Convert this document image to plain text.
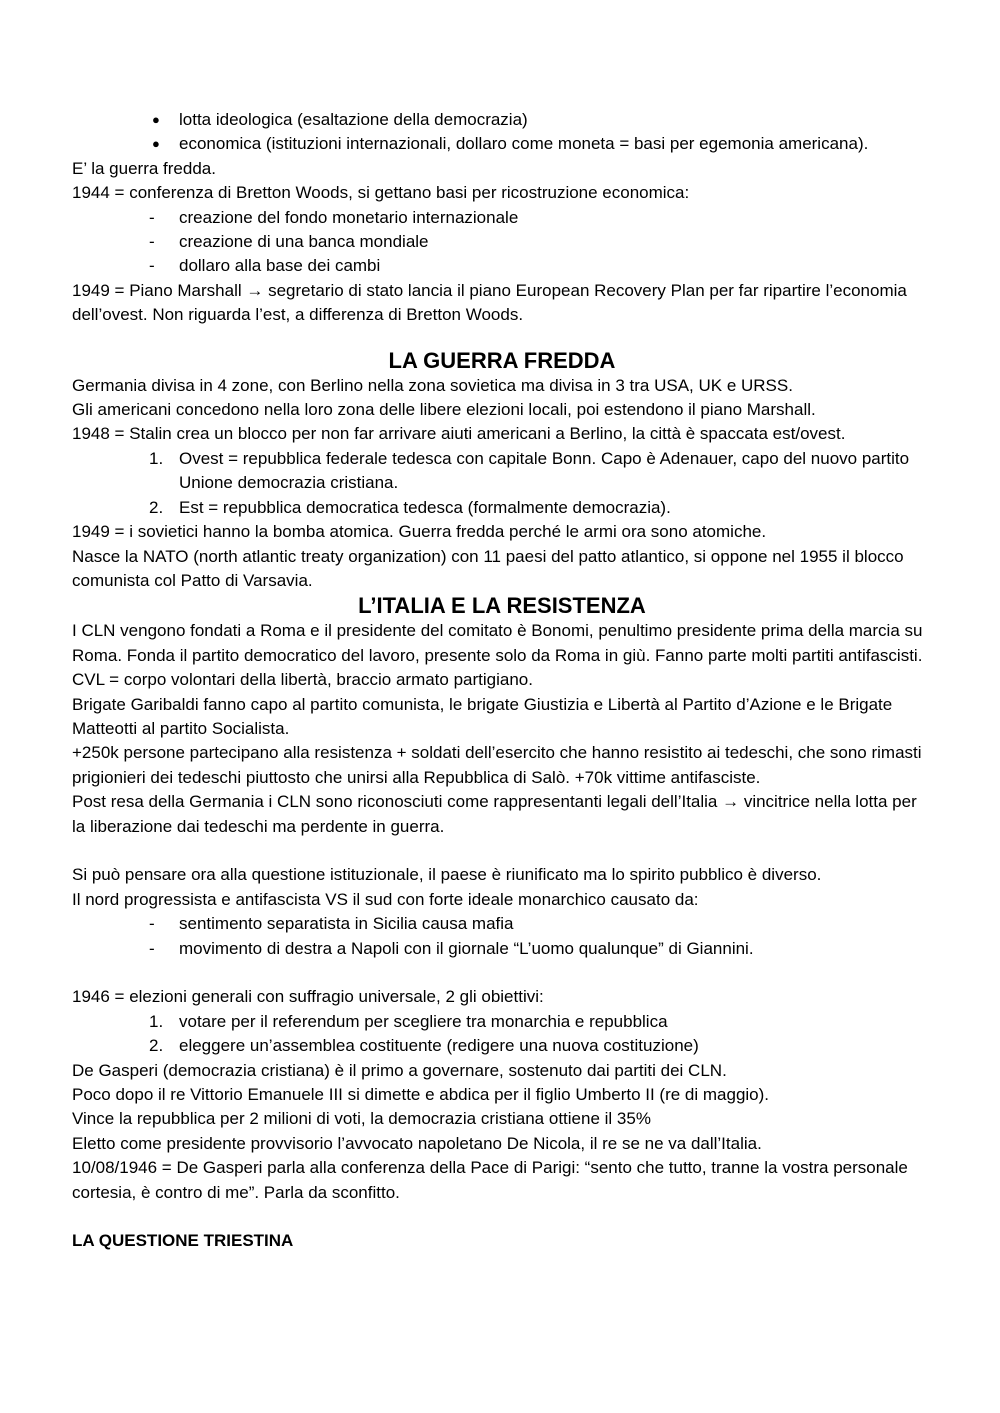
● lotta ideologica (esaltazione della democrazia)
● economica (istituzioni internazionali, dollaro come moneta = basi per egemonia americana).

E’ la guerra fredda.

1944 = conferenza di Bretton Woods, si gettano basi per ricostruzione economica:

- creazione del fondo monetario internazionale
- creazione di una banca mondiale
- dollaro alla base dei cambi

1949 = Piano Marshall → segretario di stato lancia il piano European Recovery Plan per far ripartire l’economia dell’ovest. Non riguarda l’est, a differenza di Bretton Woods.

LA GUERRA FREDDA

Germania divisa in 4 zone, con Berlino nella zona sovietica ma divisa in 3 tra USA, UK e URSS.

Gli americani concedono nella loro zona delle libere elezioni locali, poi estendono il piano Marshall.

1948 = Stalin crea un blocco per non far arrivare aiuti americani a Berlino, la città è spaccata est/ovest.

1. Ovest = repubblica federale tedesca con capitale Bonn. Capo è Adenauer, capo del nuovo partito Unione democrazia cristiana.
2. Est = repubblica democratica tedesca (formalmente democrazia).

1949 = i sovietici hanno la bomba atomica. Guerra fredda perché le armi ora sono atomiche.

Nasce la NATO (north atlantic treaty organization) con 11 paesi del patto atlantico, si oppone nel 1955 il blocco comunista col Patto di Varsavia.

L’ITALIA E LA RESISTENZA

I CLN vengono fondati a Roma e il presidente del comitato è Bonomi, penultimo presidente prima della marcia su Roma. Fonda il partito democratico del lavoro, presente solo da Roma in giù. Fanno parte molti partiti antifascisti.

CVL = corpo volontari della libertà, braccio armato partigiano.

Brigate Garibaldi fanno capo al partito comunista, le brigate Giustizia e Libertà al Partito d’Azione e le Brigate Matteotti al partito Socialista.

+250k persone partecipano alla resistenza + soldati dell’esercito che hanno resistito ai tedeschi, che sono rimasti prigionieri dei tedeschi piuttosto che unirsi alla Repubblica di Salò. +70k vittime antifasciste.

Post resa della Germania i CLN sono riconosciuti come rappresentanti legali dell’Italia → vincitrice nella lotta per la liberazione dai tedeschi ma perdente in guerra.

Si può pensare ora alla questione istituzionale, il paese è riunificato ma lo spirito pubblico è diverso.

Il nord progressista e antifascista VS il sud con forte ideale monarchico causato da:

- sentimento separatista in Sicilia causa mafia
- movimento di destra a Napoli con il giornale “L’uomo qualunque” di Giannini.

1946 = elezioni generali con suffragio universale, 2 gli obiettivi:

1. votare per il referendum per scegliere tra monarchia e repubblica
2. eleggere un’assemblea costituente (redigere una nuova costituzione)

De Gasperi (democrazia cristiana) è il primo a governare, sostenuto dai partiti dei CLN.

Poco dopo il re Vittorio Emanuele III si dimette e abdica per il figlio Umberto II (re di maggio).

Vince la repubblica per 2 milioni di voti, la democrazia cristiana ottiene il 35%

Eletto come presidente provvisorio l’avvocato napoletano De Nicola, il re se ne va dall’Italia.

10/08/1946 = De Gasperi parla alla conferenza della Pace di Parigi: “sento che tutto, tranne la vostra personale cortesia, è contro di me”. Parla da sconfitto.

LA QUESTIONE TRIESTINA
